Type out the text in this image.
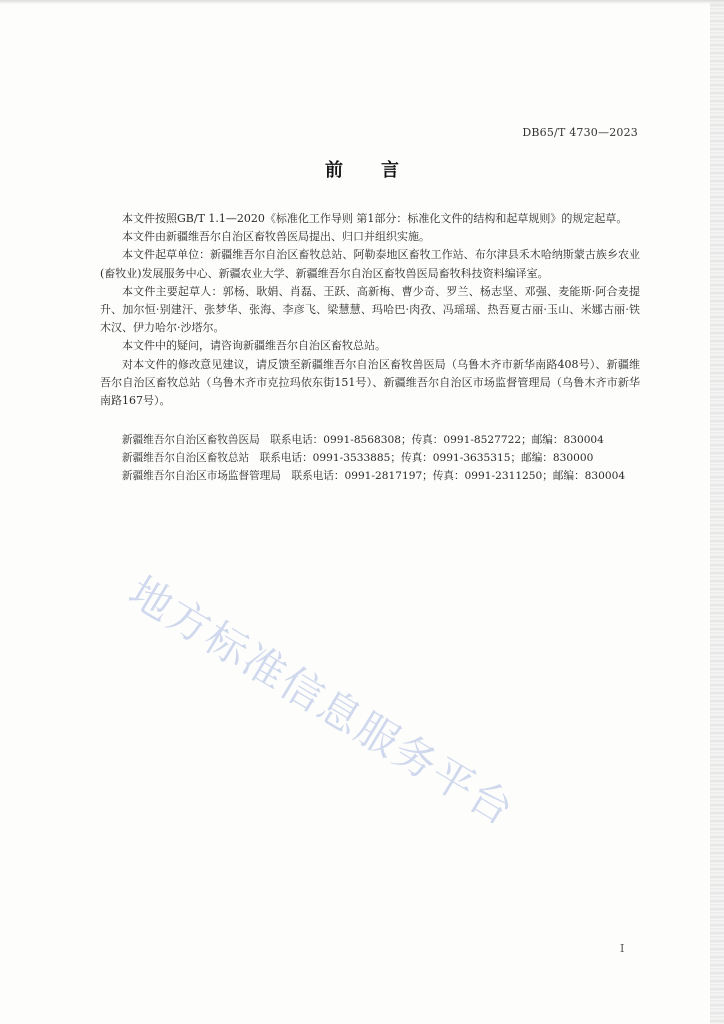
DB65/T 4730—2023
前言

本文件按照GB/T 1.1—2020《标准化工作导则 第1部分：标准化文件的结构和起草规则》的规定起草。

本文件由新疆维吾尔自治区畜牧兽医局提出、归口并组织实施。

本文件起草单位：新疆维吾尔自治区畜牧总站、阿勒泰地区畜牧工作站、布尔津县禾木哈纳斯蒙古族乡农业(畜牧业)发展服务中心、新疆农业大学、新疆维吾尔自治区畜牧兽医局畜牧科技资料编译室。

本文件主要起草人：郭杨、耿娟、肖磊、王跃、高新梅、曹少奇、罗兰、杨志坚、邓强、麦能斯·阿合麦提升、加尔恒·别建汗、张梦华、张海、李彦飞、梁慧慧、玛哈巴·肉孜、冯瑶瑶、热吾夏古丽·玉山、米娜古丽·铁木汉、伊力哈尔·沙塔尔。

本文件中的疑问，请咨询新疆维吾尔自治区畜牧总站。

对本文件的修改意见建议，请反馈至新疆维吾尔自治区畜牧兽医局（乌鲁木齐市新华南路408号）、新疆维吾尔自治区畜牧总站（乌鲁木齐市克拉玛依东街151号）、新疆维吾尔自治区市场监督管理局（乌鲁木齐市新华南路167号）。

新疆维吾尔自治区畜牧兽医局　联系电话：0991-8568308；传真：0991-8527722；邮编：830004
新疆维吾尔自治区畜牧总站　联系电话：0991-3533885；传真：0991-3635315；邮编：830000
新疆维吾尔自治区市场监督管理局　联系电话：0991-2817197；传真：0991-2311250；邮编：830004
地方标准信息服务平台
I
